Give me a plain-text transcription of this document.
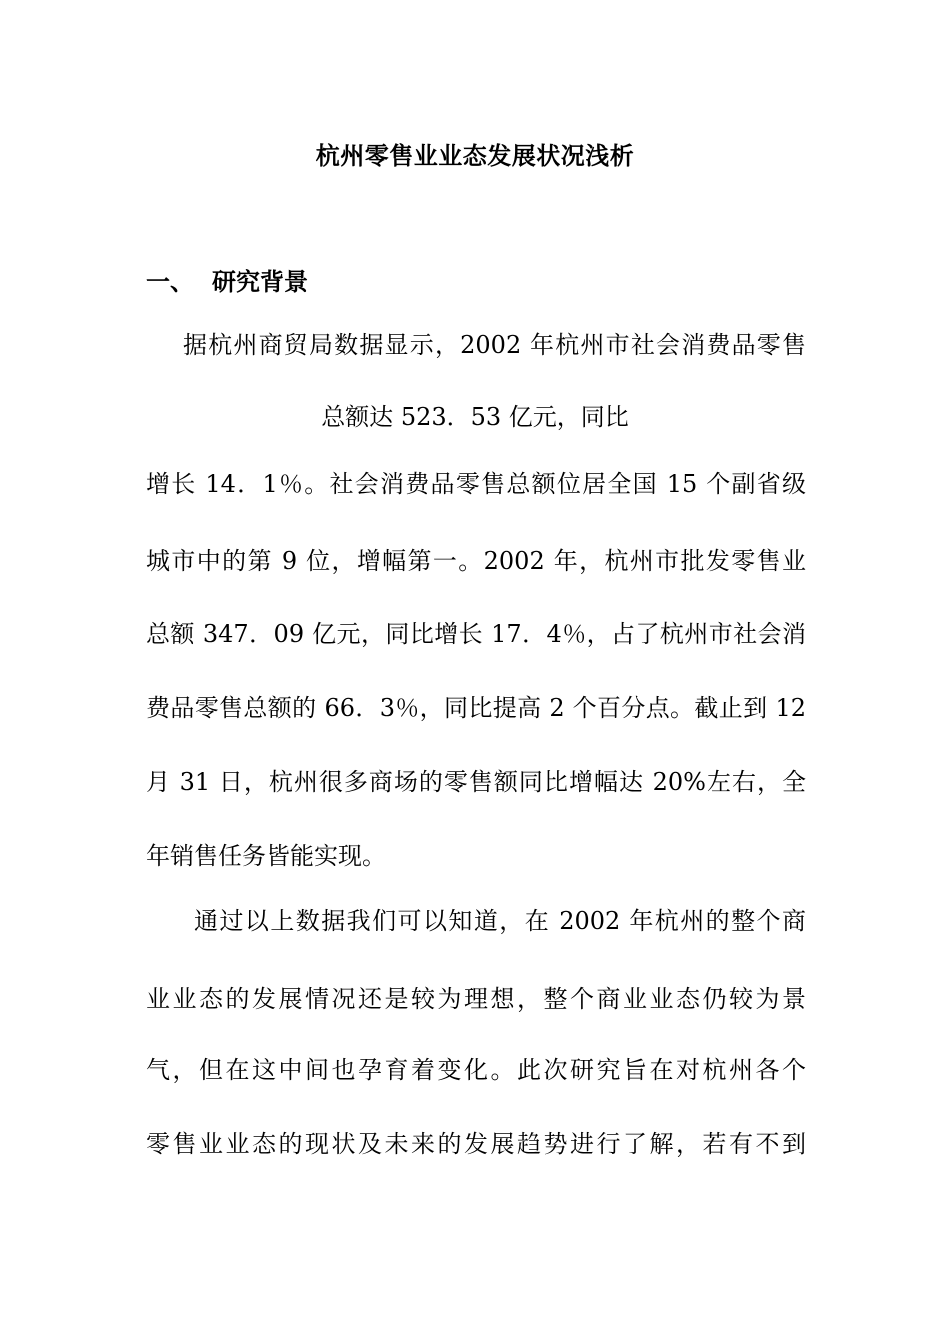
杭州零售业业态发展状况浅析
一、 研究背景
据杭州商贸局数据显示，2002 年杭州市社会消费品零售
总额达 523．53 亿元，同比
增长 14．1％。社会消费品零售总额位居全国 15 个副省级
城市中的第 9 位，增幅第一。2002 年，杭州市批发零售业
总额 347．09 亿元，同比增长 17．4％，占了杭州市社会消
费品零售总额的 66．3％，同比提高 2 个百分点。截止到 12
月 31 日，杭州很多商场的零售额同比增幅达 20%左右，全
年销售任务皆能实现。
通过以上数据我们可以知道，在 2002 年杭州的整个商
业业态的发展情况还是较为理想，整个商业业态仍较为景
气，但在这中间也孕育着变化。此次研究旨在对杭州各个
零售业业态的现状及未来的发展趋势进行了解，若有不到
